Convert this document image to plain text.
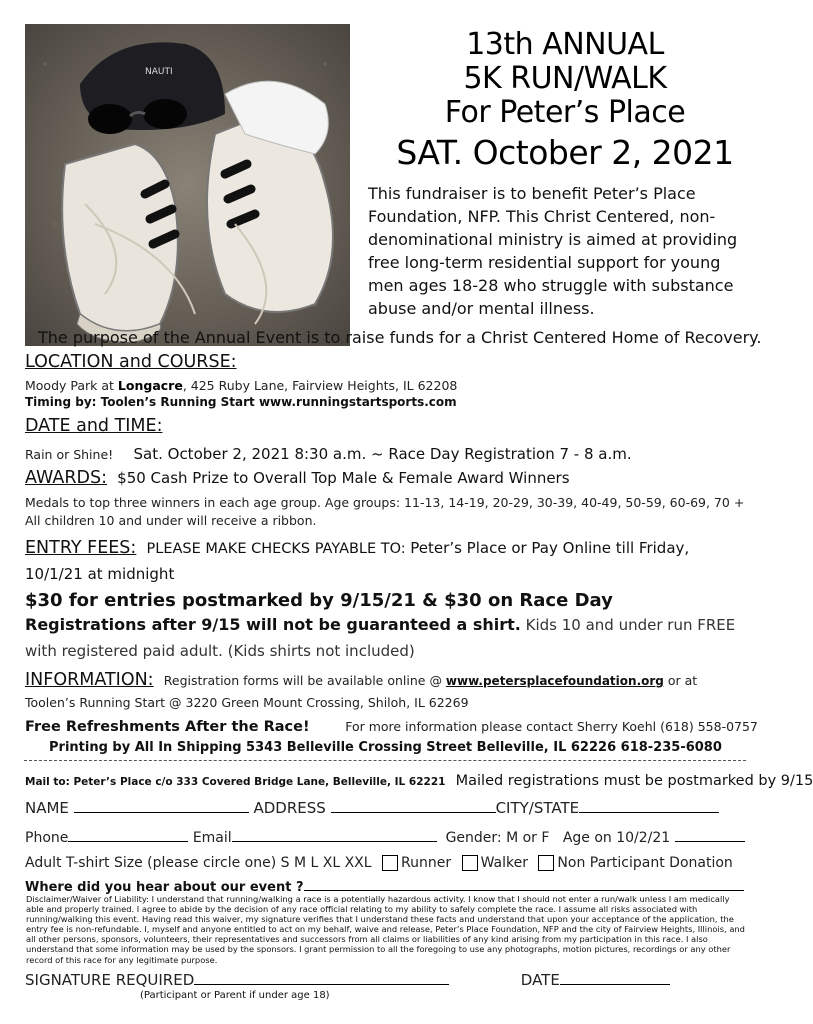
NAUTI
13th ANNUAL
5K RUN/WALK
For Peter’s Place
SAT. October 2, 2021
This fundraiser is to benefit Peter’s Place Foundation, NFP. This Christ Centered, non-denominational ministry is aimed at providing free long-term residential support for young men ages 18-28 who struggle with substance abuse and/or mental illness.
The purpose of the Annual Event is to raise funds for a Christ Centered Home of Recovery.
LOCATION and COURSE:
Moody Park at Longacre, 425 Ruby Lane, Fairview Heights, IL 62208
Timing by: Toolen’s Running Start www.runningstartsports.com
DATE and TIME:
Rain or Shine! Sat. October 2, 2021 8:30 a.m. ~ Race Day Registration 7 - 8 a.m.
AWARDS: $50 Cash Prize to Overall Top Male & Female Award Winners
Medals to top three winners in each age group. Age groups: 11-13, 14-19, 20-29, 30-39, 40-49, 50-59, 60-69, 70 +
All children 10 and under will receive a ribbon.
ENTRY FEES: PLEASE MAKE CHECKS PAYABLE TO: Peter’s Place or Pay Online till Friday,
10/1/21 at midnight
$30 for entries postmarked by 9/15/21 & $30 on Race Day
Registrations after 9/15 will not be guaranteed a shirt. Kids 10 and under run FREE
with registered paid adult. (Kids shirts not included)
INFORMATION: Registration forms will be available online @ www.petersplacefoundation.org or at
Toolen’s Running Start @ 3220 Green Mount Crossing, Shiloh, IL 62269
Free Refreshments After the Race!	For more information please contact Sherry Koehl (618) 558-0757
Printing by All In Shipping 5343 Belleville Crossing Street Belleville, IL 62226 618-235-6080
Mail to: Peter’s Place c/o 333 Covered Bridge Lane, Belleville, IL 62221 Mailed registrations must be postmarked by 9/15
NAME	ADDRESS	CITY/STATE
Phone	Email	Gender: M or F Age on 10/2/21
Adult T-shirt Size (please circle one) S M L XL XXL Runner Walker Non Participant Donation
Where did you hear about our event ?
Disclaimer/Waiver of Liability: I understand that running/walking a race is a potentially hazardous activity. I know that I should not enter a run/walk unless I am medically able and properly trained. I agree to abide by the decision of any race official relating to my ability to safely complete the race. I assume all risks associated with running/walking this event. Having read this waiver, my signature verifies that I understand these facts and understand that upon your acceptance of the application, the entry fee is non-refundable. I, myself and anyone entitled to act on my behalf, waive and release, Peter’s Place Foundation, NFP and the city of Fairview Heights, Illinois, and all other persons, sponsors, volunteers, their representatives and successors from all claims or liabilities of any kind arising from my participation in this race. I also understand that some information may be used by the sponsors. I grant permission to all the foregoing to use any photographs, motion pictures, recordings or any other record of this race for any legitimate purpose.
SIGNATURE REQUIRED	DATE
(Participant or Parent if under age 18)
